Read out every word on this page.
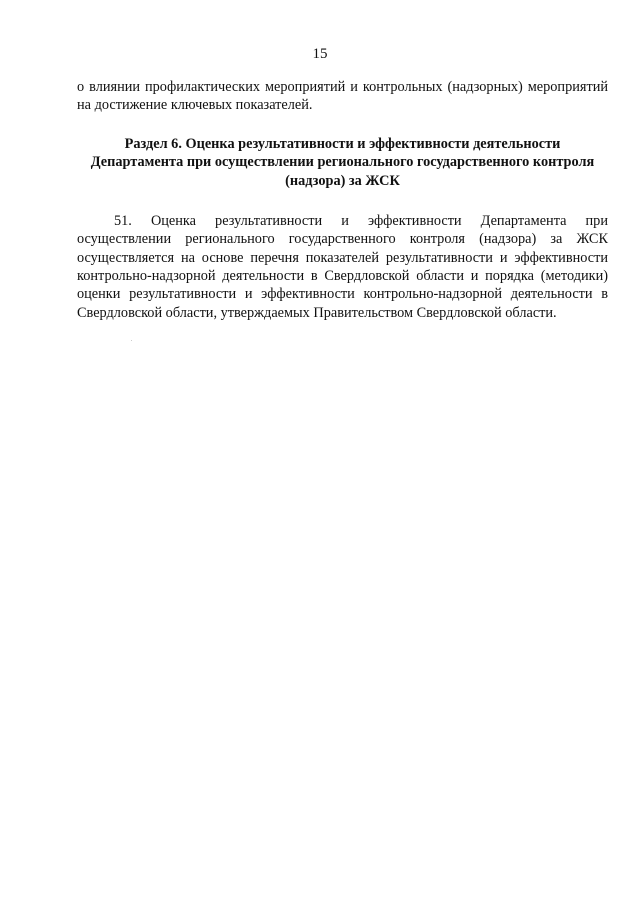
15

о влиянии профилактических мероприятий и контрольных (надзорных) мероприятий на достижение ключевых показателей.

Раздел 6. Оценка результативности и эффективности деятельности
Департамента при осуществлении регионального государственного контроля
(надзора) за ЖСК

51. Оценка результативности и эффективности Департамента при осуществлении регионального государственного контроля (надзора) за ЖСК осуществляется на основе перечня показателей результативности и эффективности контрольно-надзорной деятельности в Свердловской области и порядка (методики) оценки результативности и эффективности контрольно-надзорной деятельности в Свердловской области, утверждаемых Правительством Свердловской области.
